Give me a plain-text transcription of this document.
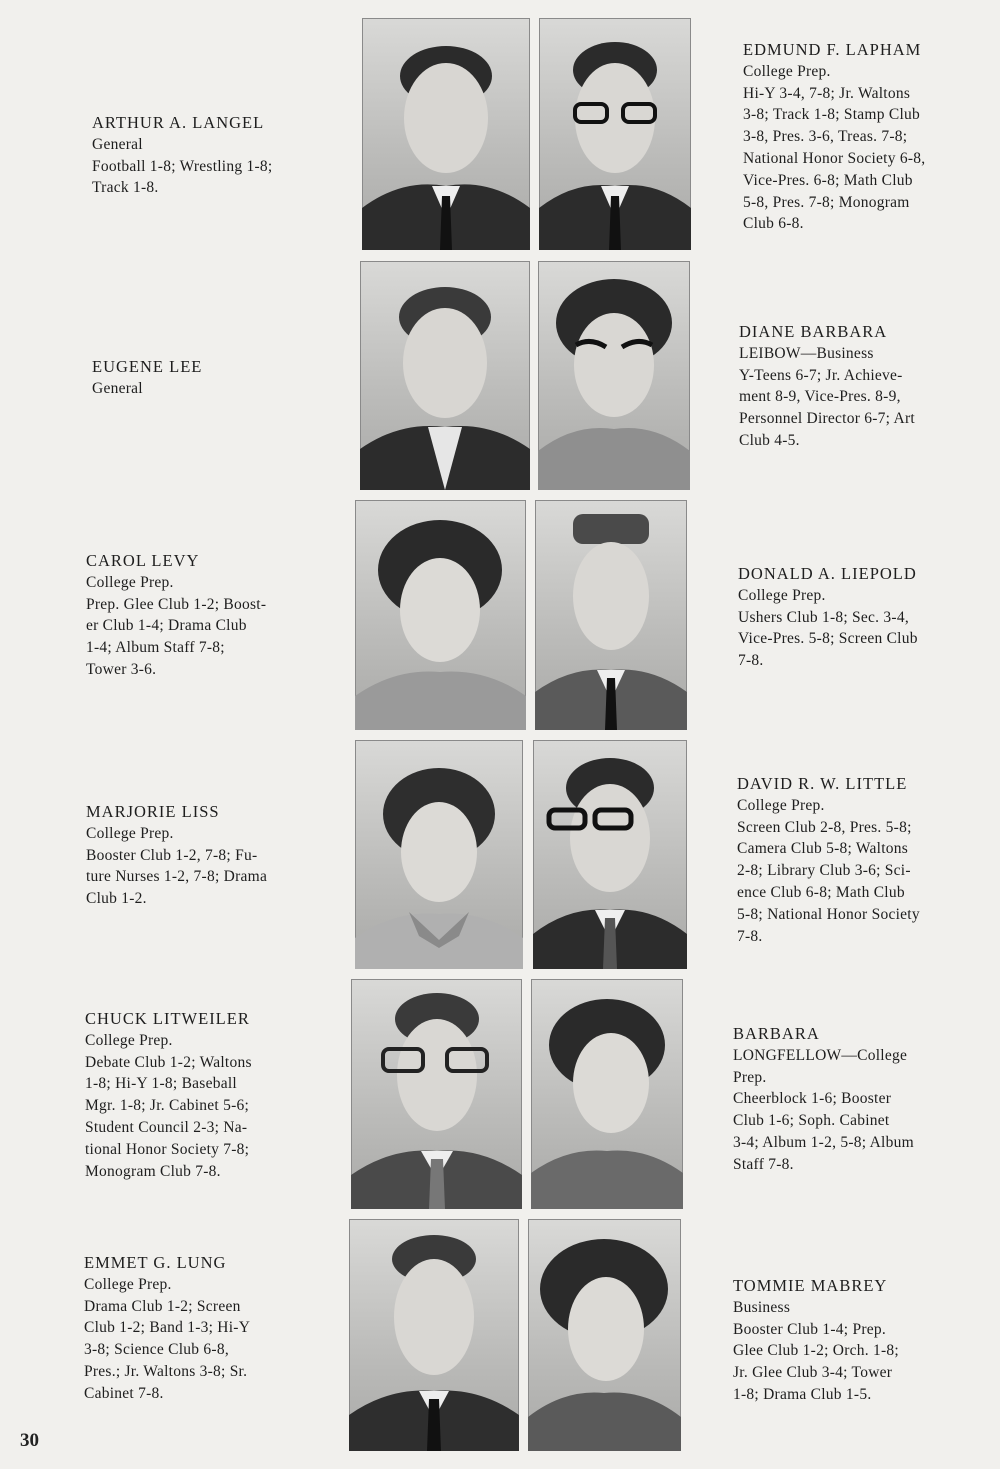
ARTHUR A. LANGEL
General
Football 1-8; Wrestling 1-8;
Track 1-8.
EDMUND F. LAPHAM
College Prep.
Hi-Y 3-4, 7-8; Jr. Waltons
3-8; Track 1-8; Stamp Club
3-8, Pres. 3-6, Treas. 7-8;
National Honor Society 6-8,
Vice-Pres. 6-8; Math Club
5-8, Pres. 7-8; Monogram
Club 6-8.
EUGENE LEE
General
DIANE BARBARA
LEIBOW—Business
Y-Teens 6-7; Jr. Achieve-
ment 8-9, Vice-Pres. 8-9,
Personnel Director 6-7; Art
Club 4-5.
CAROL LEVY
College Prep.
Prep. Glee Club 1-2; Boost-
er Club 1-4; Drama Club
1-4; Album Staff 7-8;
Tower 3-6.
DONALD A. LIEPOLD
College Prep.
Ushers Club 1-8; Sec. 3-4,
Vice-Pres. 5-8; Screen Club
7-8.
MARJORIE LISS
College Prep.
Booster Club 1-2, 7-8; Fu-
ture Nurses 1-2, 7-8; Drama
Club 1-2.
DAVID R. W. LITTLE
College Prep.
Screen Club 2-8, Pres. 5-8;
Camera Club 5-8; Waltons
2-8; Library Club 3-6; Sci-
ence Club 6-8; Math Club
5-8; National Honor Society
7-8.
CHUCK LITWEILER
College Prep.
Debate Club 1-2; Waltons
1-8; Hi-Y 1-8; Baseball
Mgr. 1-8; Jr. Cabinet 5-6;
Student Council 2-3; Na-
tional Honor Society 7-8;
Monogram Club 7-8.
BARBARA
LONGFELLOW—College
Prep.
Cheerblock 1-6; Booster
Club 1-6; Soph. Cabinet
3-4; Album 1-2, 5-8; Album
Staff 7-8.
EMMET G. LUNG
College Prep.
Drama Club 1-2; Screen
Club 1-2; Band 1-3; Hi-Y
3-8; Science Club 6-8,
Pres.; Jr. Waltons 3-8; Sr.
Cabinet 7-8.
TOMMIE MABREY
Business
Booster Club 1-4; Prep.
Glee Club 1-2; Orch. 1-8;
Jr. Glee Club 3-4; Tower
1-8; Drama Club 1-5.
30
